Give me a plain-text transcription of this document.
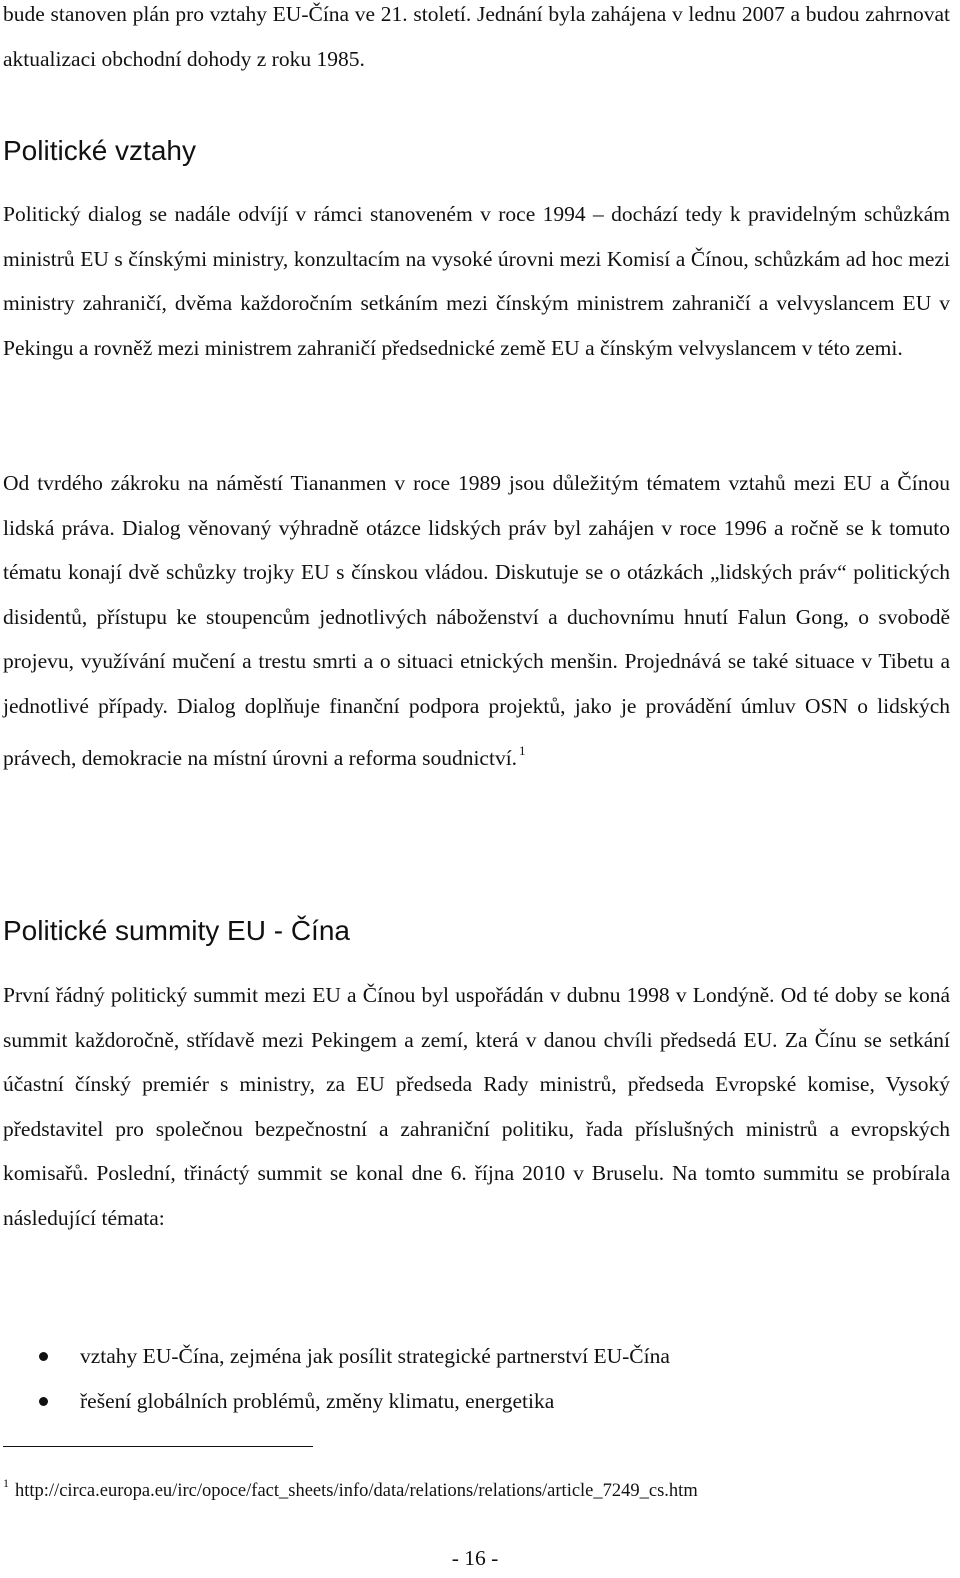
bude stanoven plán pro vztahy EU-Čína ve 21. století. Jednání byla zahájena v lednu 2007 a budou zahrnovat aktualizaci obchodní dohody z roku 1985.

Politické vztahy

Politický dialog se nadále odvíjí v rámci stanoveném v roce 1994 – dochází tedy k pravidelným schůzkám ministrů EU s čínskými ministry, konzultacím na vysoké úrovni mezi Komisí a Čínou, schůzkám ad hoc mezi ministry zahraničí, dvěma každoročním setkáním mezi čínským ministrem zahraničí a velvyslancem EU v Pekingu a rovněž mezi ministrem zahraničí předsednické země EU a čínským velvyslancem v této zemi.

Od tvrdého zákroku na náměstí Tiananmen v roce 1989 jsou důležitým tématem vztahů mezi EU a Čínou lidská práva. Dialog věnovaný výhradně otázce lidských práv byl zahájen v roce 1996 a ročně se k tomuto tématu konají dvě schůzky trojky EU s čínskou vládou. Diskutuje se o otázkách „lidských práv“ politických disidentů, přístupu ke stoupencům jednotlivých náboženství a duchovnímu hnutí Falun Gong, o svobodě projevu, využívání mučení a trestu smrti a o situaci etnických menšin. Projednává se také situace v Tibetu a jednotlivé případy. Dialog doplňuje finanční podpora projektů, jako je provádění úmluv OSN o lidských právech, demokracie na místní úrovni a reforma soudnictví. $^1$

Politické summity EU - Čína

První řádný politický summit mezi EU a Čínou byl uspořádán v dubnu 1998 v Londýně. Od té doby se koná summit každoročně, střídavě mezi Pekingem a zemí, která v danou chvíli předsedá EU. Za Čínu se setkání účastní čínský premiér s ministry, za EU předseda Rady ministrů, předseda Evropské komise, Vysoký představitel pro společnou bezpečnostní a zahraniční politiku, řada příslušných ministrů a evropských komisařů. Poslední, třináctý summit se konal dne 6. října 2010 v Bruselu. Na tomto summitu se probírala následující témata:

vztahy EU-Čína, zejména jak posílit strategické partnerství EU-Čína
řešení globálních problémů, změny klimatu, energetika

$^1$ http://circa.europa.eu/irc/opoce/fact_sheets/info/data/relations/relations/article_7249_cs.htm

- 16 -
